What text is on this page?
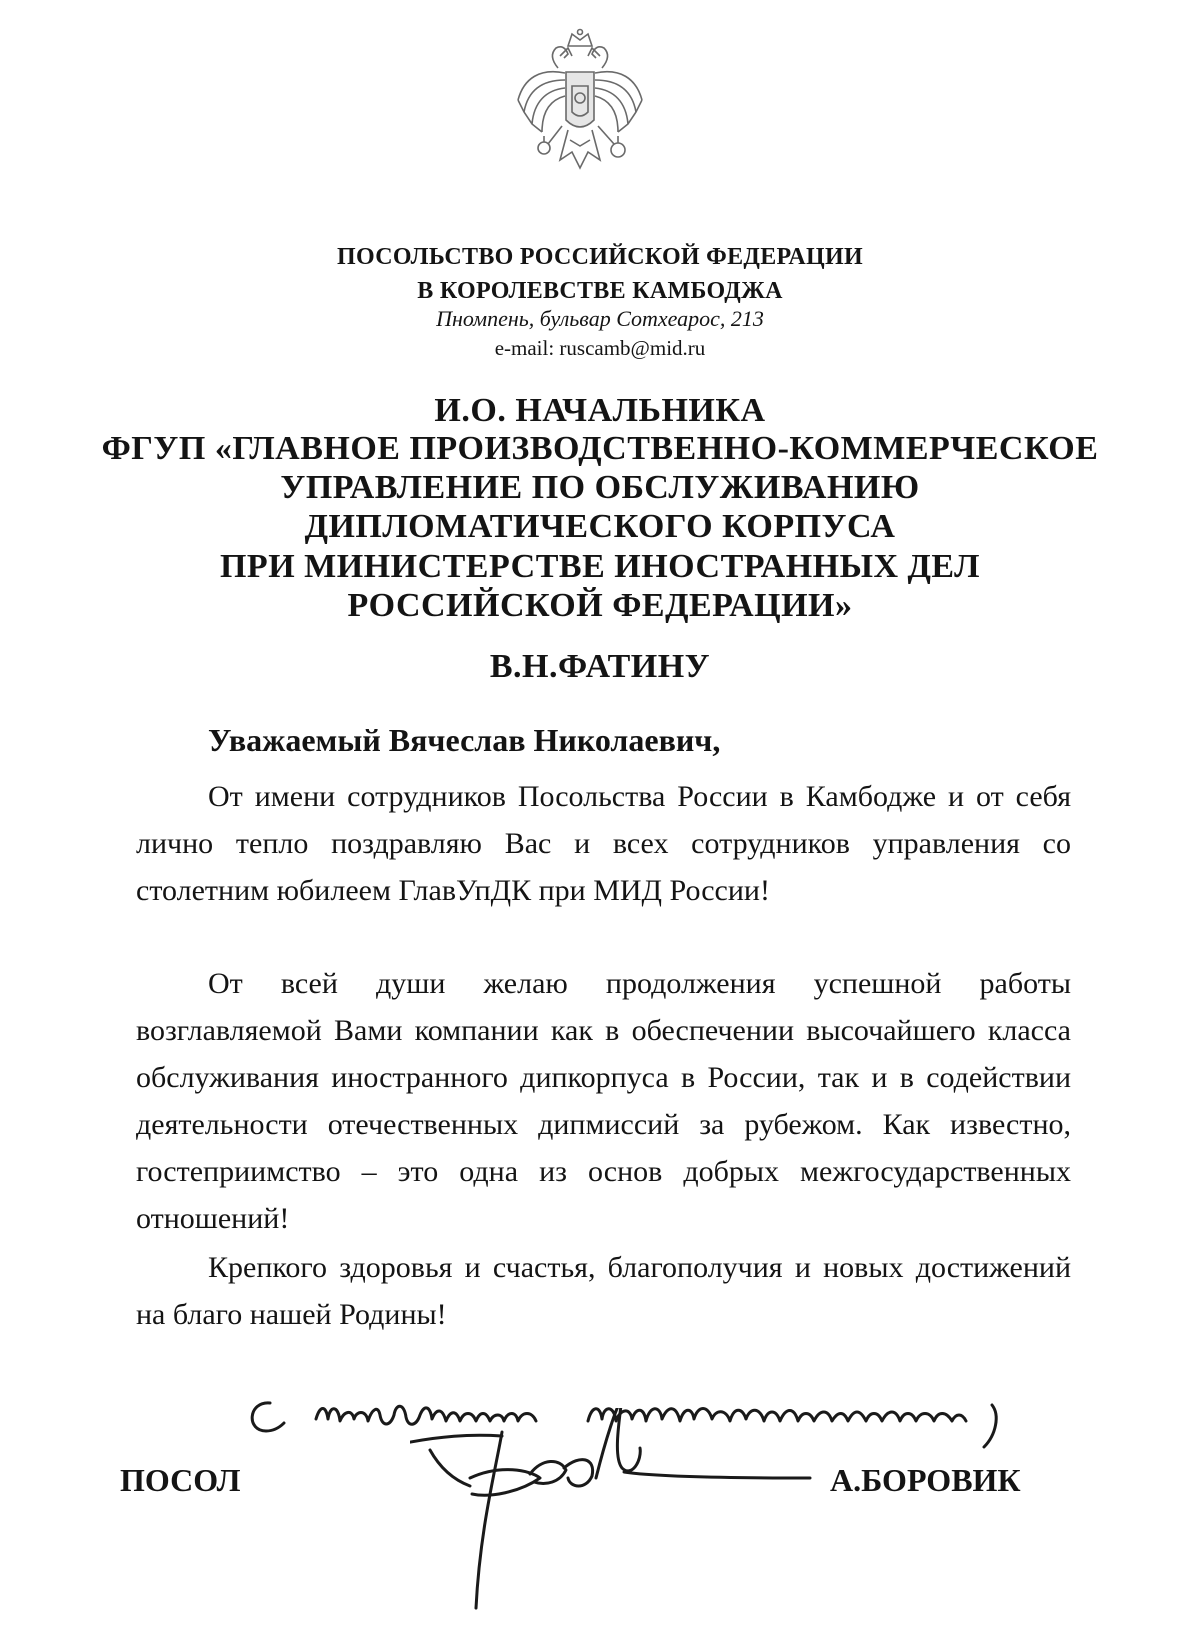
ПОСОЛЬСТВО РОССИЙСКОЙ ФЕДЕРАЦИИ
В КОРОЛЕВСТВЕ КАМБОДЖА
Пномпень, бульвар Сотхеарос, 213
e-mail: ruscamb@mid.ru
И.О. НАЧАЛЬНИКА
ФГУП «ГЛАВНОЕ ПРОИЗВОДСТВЕННО-КОММЕРЧЕСКОЕ
УПРАВЛЕНИЕ ПО ОБСЛУЖИВАНИЮ
ДИПЛОМАТИЧЕСКОГО КОРПУСА
ПРИ МИНИСТЕРСТВЕ ИНОСТРАННЫХ ДЕЛ
РОССИЙСКОЙ ФЕДЕРАЦИИ»
В.Н.ФАТИНУ
Уважаемый Вячеслав Николаевич,

От имени сотрудников Посольства России в Камбодже и от себя лично тепло поздравляю Вас и всех сотрудников управления со столетним юбилеем ГлавУпДК при МИД России!

От всей души желаю продолжения успешной работы возглавляемой Вами компании как в обеспечении высочайшего класса обслуживания иностранного дипкорпуса в России, так и в содействии деятельности отечественных дипмиссий за рубежом. Как известно, гостеприимство – это одна из основ добрых межгосударственных отношений!

Крепкого здоровья и счастья, благополучия и новых достижений на благо нашей Родины!

ПОСОЛ	А.БОРОВИК
